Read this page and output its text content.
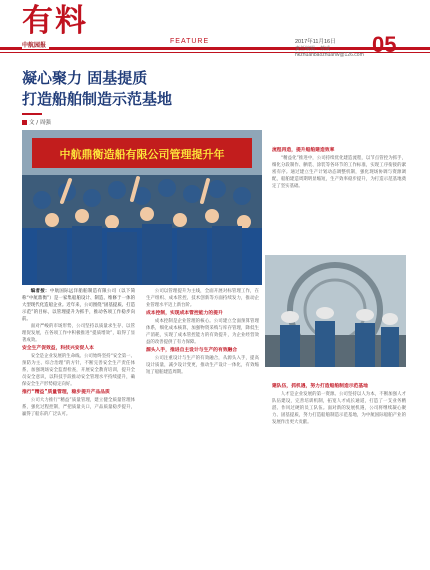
有料
FEATURE
中航园报	2017年11月16日

责任编辑：蔡威
hkzhuanbaozhuanw@126.com 05
凝心聚力 固基提质
打造船舶制造示范基地
文 / 周强
中航鼎衡造船有限公司管理提升年	流程再造，提升船舶建造效率

“精益化”推进中，公司持续优化建造流程，以节点管控为抓手，细化分段制作、舾装、涂装等各环节的工作标准，实现工序衔接的紧密有序。通过建立生产计划动态调整机制，强化现场协调与资源调配，船舶建造周期明显缩短，生产效率稳步提升，为打造示范基地奠定了坚实基础。

编者按：中航国际远洋船舶制造有限公司（以下简称“中航鼎衡”）是一家集船舶设计、制造、维修于一体的大型现代化造船企业。近年来，公司围绕“固基提质、打造示范”的目标，以管理提升为抓手，推动各项工作稳步向前。

面对严峻的市场形势，公司坚持以质量求生存、以管理促发展，在各项工作中积极推进“提质增效”，取得了显著成效。

安全生产促效益，科技兴安促人本

安全是企业发展的生命线。公司始终坚持“安全第一、预防为主、综合治理”的方针，不断完善安全生产责任体系，加强现场安全监督检查，开展安全教育培训，提升全员安全意识，以科技手段推动安全管理水平持续提升，确保安全生产形势稳定向好。

推行“精益”质量管理，稳步提升产品品质

公司大力推行“精益”质量管理，建立健全质量管理体系，强化过程控制，严把质量关口，产品质量稳步提升，赢得了船东的广泛认可。

公司以管理提升为主线，全面开展对标管理工作，在生产组织、成本管控、技术创新等方面持续发力，推动企业管理水平迈上新台阶。

成本控制，实现成本管控能力的提升

成本控制是企业管理的核心。公司建立全面预算管理体系，细化成本核算，加强物资采购与库存管理，降低生产消耗，实现了成本管控能力的有效提升，为企业经营效益的改善提供了有力保障。

源头入手，推进自主设计与生产的有效融合

公司注重设计与生产的有效融合，从源头入手，提高设计质量，减少设计变更，推动生产设计一体化，有效缩短了船舶建造周期。

建队伍，抓机遇，努力打造船舶制造示范基地

人才是企业发展的第一资源。公司坚持以人为本，不断加强人才队伍建设，完善培训机制，拓宽人才成长通道，打造了一支业务精湛、作风过硬的员工队伍。面对新的发展机遇，公司将继续凝心聚力、固基提质，努力打造船舶制造示范基地，为中航国际船舶产业的发展作出更大贡献。
